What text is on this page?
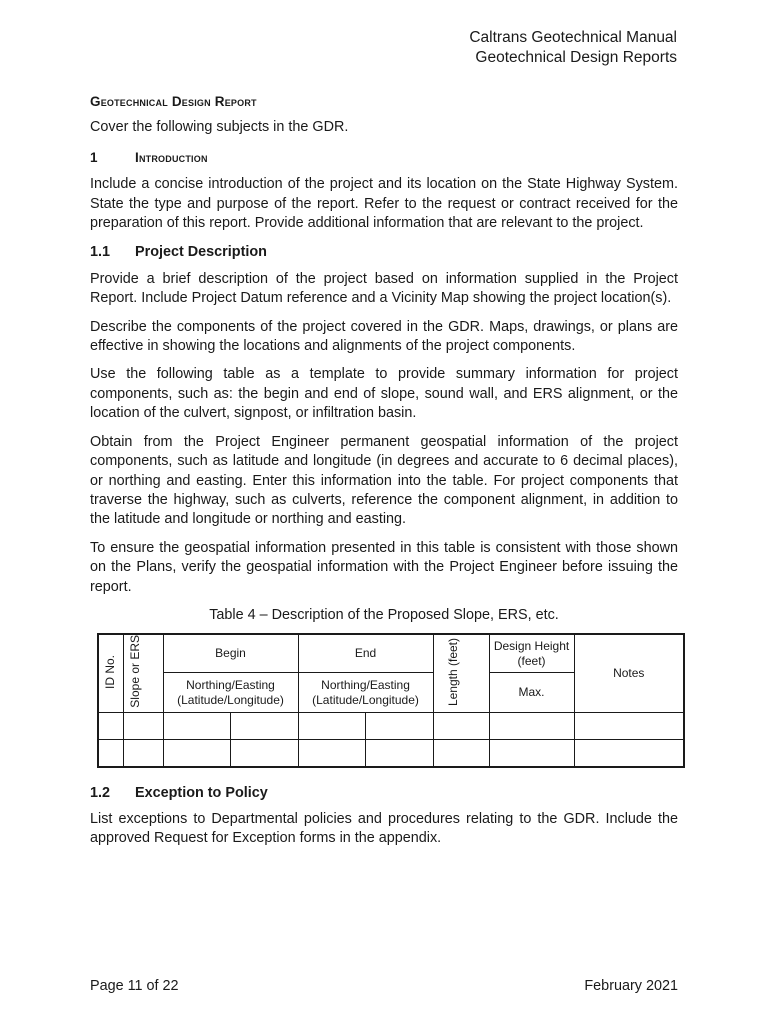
Caltrans Geotechnical Manual
Geotechnical Design Reports
Geotechnical Design Report

Cover the following subjects in the GDR.

1	Introduction

Include a concise introduction of the project and its location on the State Highway System. State the type and purpose of the report. Refer to the request or contract received for the preparation of this report. Provide additional information that are relevant to the project.

1.1	Project Description

Provide a brief description of the project based on information supplied in the Project Report. Include Project Datum reference and a Vicinity Map showing the project location(s).

Describe the components of the project covered in the GDR. Maps, drawings, or plans are effective in showing the locations and alignments of the project components.

Use the following table as a template to provide summary information for project components, such as: the begin and end of slope, sound wall, and ERS alignment, or the location of the culvert, signpost, or infiltration basin.

Obtain from the Project Engineer permanent geospatial information of the project components, such as latitude and longitude (in degrees and accurate to 6 decimal places), or northing and easting. Enter this information into the table. For project components that traverse the highway, such as culverts, reference the component alignment, in addition to the latitude and longitude or northing and easting.

To ensure the geospatial information presented in this table is consistent with those shown on the Plans, verify the geospatial information with the Project Engineer before issuing the report.

Table 4 – Description of the Proposed Slope, ERS, etc.
ID No.	Slope or ERS	Begin		End		Length (feet)	Design Height (feet)	Notes
		Northing/Easting (Latitude/Longitude)		Northing/Easting (Latitude/Longitude)			Max.	

1.2	Exception to Policy

List exceptions to Departmental policies and procedures relating to the GDR. Include the approved Request for Exception forms in the appendix.

Page 11 of 22	February 2021
